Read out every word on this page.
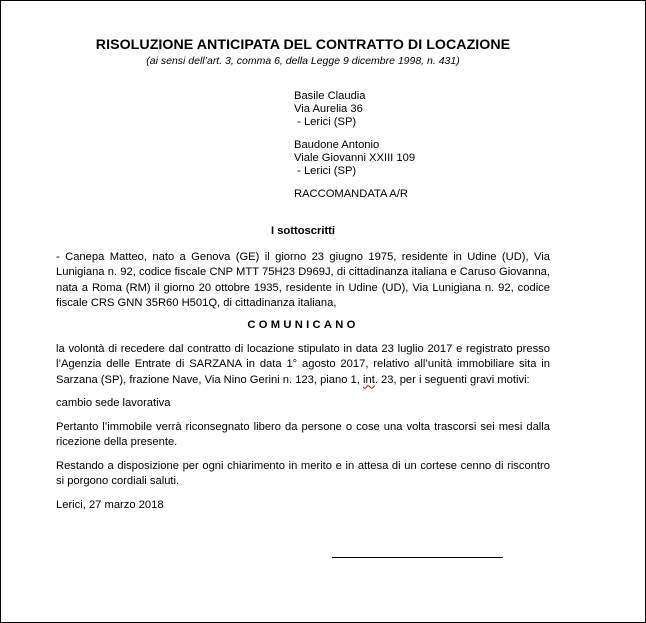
RISOLUZIONE ANTICIPATA DEL CONTRATTO DI LOCAZIONE
(ai sensi dell’art. 3, comma 6, della Legge 9 dicembre 1998, n. 431)
Basile Claudia
Via Aurelia 36
- Lerici (SP)
Baudone Antonio
Viale Giovanni XXIII 109
- Lerici (SP)
RACCOMANDATA A/R
I sottoscritti
- Canepa Matteo, nato a Genova (GE) il giorno 23 giugno 1975, residente in Udine (UD), Via Lunigiana n. 92, codice fiscale CNP MTT 75H23 D969J, di cittadinanza italiana e Caruso Giovanna, nata a Roma (RM) il giorno 20 ottobre 1935, residente in Udine (UD), Via Lunigiana n. 92, codice fiscale CRS GNN 35R60 H501Q, di cittadinanza italiana,
COMUNICANO
la volontà di recedere dal contratto di locazione stipulato in data 23 luglio 2017 e registrato presso l’Agenzia delle Entrate di SARZANA in data 1° agosto 2017, relativo all’unità immobiliare sita in Sarzana (SP), frazione Nave, Via Nino Gerini n. 123, piano 1, int. 23, per i seguenti gravi motivi:
cambio sede lavorativa
Pertanto l’immobile verrà riconsegnato libero da persone o cose una volta trascorsi sei mesi dalla ricezione della presente.
Restando a disposizione per ogni chiarimento in merito e in attesa di un cortese cenno di riscontro si porgono cordiali saluti.
Lerici, 27 marzo 2018
